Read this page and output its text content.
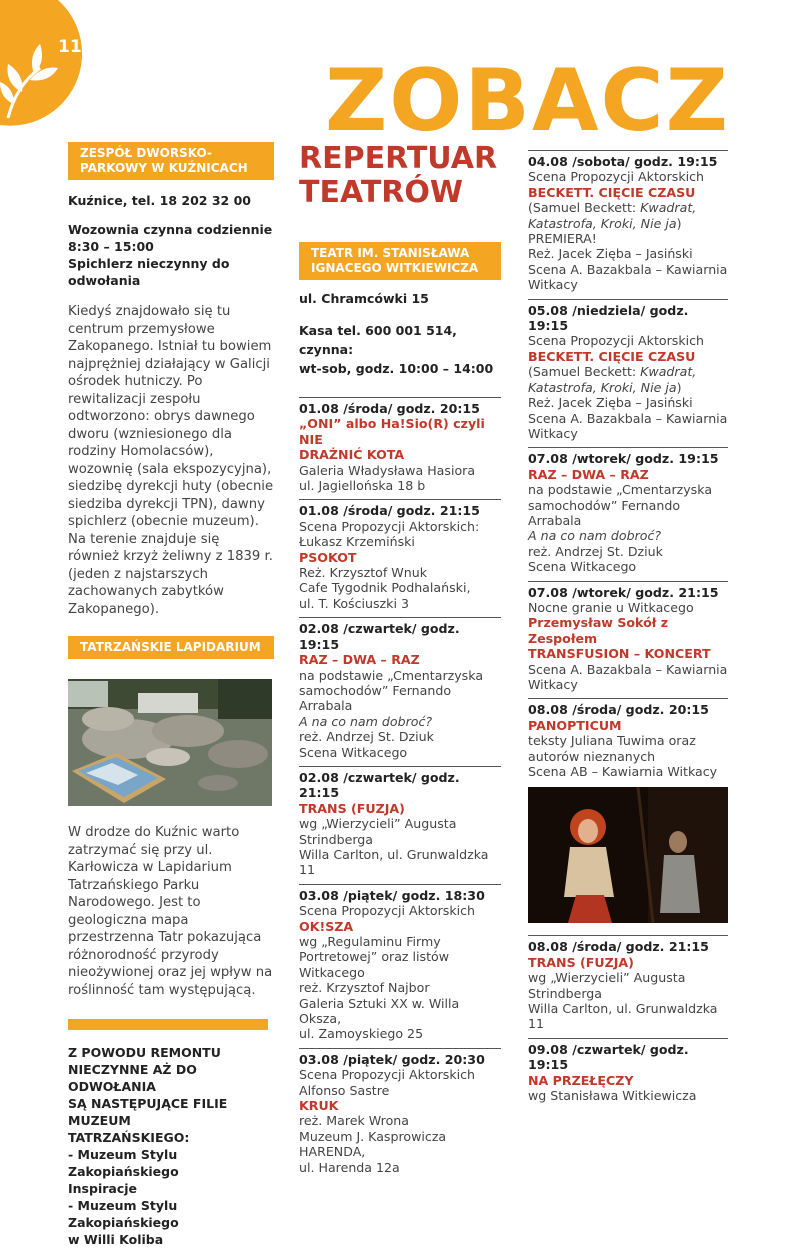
11
ZOBACZ
ZESPÓŁ DWORSKO-PARKOWY W KUŹNICACH
Kuźnice, tel. 18 202 32 00
Wozownia czynna codziennie
8:30 – 15:00
Spichlerz nieczynny do odwołania

Kiedyś znajdowało się tu centrum przemysłowe Zakopanego. Istniał tu bowiem najprężniej działający w Galicji ośrodek hutniczy. Po rewitalizacji zespołu odtworzono: obrys dawnego dworu (wzniesionego dla rodziny Homolacsów), wozownię (sala ekspozycyjna), siedzibę dyrekcji huty (obecnie siedziba dyrekcji TPN), dawny spichlerz (obecnie muzeum). Na terenie znajduje się również krzyż żeliwny z 1839 r. (jeden z najstarszych zachowanych zabytków Zakopanego).

TATRZAŃSKIE LAPIDARIUM

W drodze do Kuźnic warto zatrzymać się przy ul. Karłowicza w Lapidarium Tatrzańskiego Parku Narodowego. Jest to geologiczna mapa przestrzenna Tatr pokazująca różnorodność przyrody nieożywionej oraz jej wpływ na roślinność tam występującą.

Z POWODU REMONTU
NIECZYNNE AŻ DO ODWOŁANIA
SĄ NASTĘPUJĄCE FILIE MUZEUM
TATRZAŃSKIEGO:
- Muzeum Stylu Zakopiańskiego
Inspiracje
- Muzeum Stylu Zakopiańskiego
w Willi Koliba
REPERTUAR
TEATRÓW
TEATR IM. STANISŁAWA IGNACEGO WITKIEWICZA
ul. Chramcówki 15
Kasa tel. 600 001 514, czynna:
wt-sob, godz. 10:00 – 14:00
01.08 /środa/ godz. 20:15
„ONI” albo Ha!Sio(R) czyli NIE
DRAŻNIĆ KOTA
Galeria Władysława Hasiora
ul. Jagiellońska 18 b
01.08 /środa/ godz. 21:15
Scena Propozycji Aktorskich:
Łukasz Krzemiński
PSOKOT
Reż. Krzysztof Wnuk
Cafe Tygodnik Podhalański,
ul. T. Kościuszki 3
02.08 /czwartek/ godz. 19:15
RAZ – DWA – RAZ
na podstawie „Cmentarzyska
samochodów” Fernando Arrabala
A na co nam dobroć?
reż. Andrzej St. Dziuk
Scena Witkacego
02.08 /czwartek/ godz. 21:15
TRANS (FUZJA)
wg „Wierzycieli” Augusta
Strindberga
Willa Carlton, ul. Grunwaldzka 11
03.08 /piątek/ godz. 18:30
Scena Propozycji Aktorskich
OK!SZA
wg „Regulaminu Firmy
Portretowej” oraz listów Witkacego
reż. Krzysztof Najbor
Galeria Sztuki XX w. Willa Oksza,
ul. Zamoyskiego 25
03.08 /piątek/ godz. 20:30
Scena Propozycji Aktorskich
Alfonso Sastre
KRUK
reż. Marek Wrona
Muzeum J. Kasprowicza HARENDA,
ul. Harenda 12a
04.08 /sobota/ godz. 19:15
Scena Propozycji Aktorskich
BECKETT. CIĘCIE CZASU
(Samuel Beckett: Kwadrat,
Katastrofa, Kroki, Nie ja)
PREMIERA!
Reż. Jacek Zięba – Jasiński
Scena A. Bazakbala – Kawiarnia
Witkacy
05.08 /niedziela/ godz. 19:15
Scena Propozycji Aktorskich
BECKETT. CIĘCIE CZASU
(Samuel Beckett: Kwadrat,
Katastrofa, Kroki, Nie ja)
Reż. Jacek Zięba – Jasiński
Scena A. Bazakbala – Kawiarnia
Witkacy
07.08 /wtorek/ godz. 19:15
RAZ – DWA – RAZ
na podstawie „Cmentarzyska
samochodów” Fernando Arrabala
A na co nam dobroć?
reż. Andrzej St. Dziuk
Scena Witkacego
07.08 /wtorek/ godz. 21:15
Nocne granie u Witkacego
Przemysław Sokół z Zespołem
TRANSFUSION – KONCERT
Scena A. Bazakbala – Kawiarnia
Witkacy
08.08 /środa/ godz. 20:15
PANOPTICUM
teksty Juliana Tuwima oraz
autorów nieznanych
Scena AB – Kawiarnia Witkacy
08.08 /środa/ godz. 21:15
TRANS (FUZJA)
wg „Wierzycieli” Augusta
Strindberga
Willa Carlton, ul. Grunwaldzka 11
09.08 /czwartek/ godz. 19:15
NA PRZEŁĘCZY
wg Stanisława Witkiewicza
